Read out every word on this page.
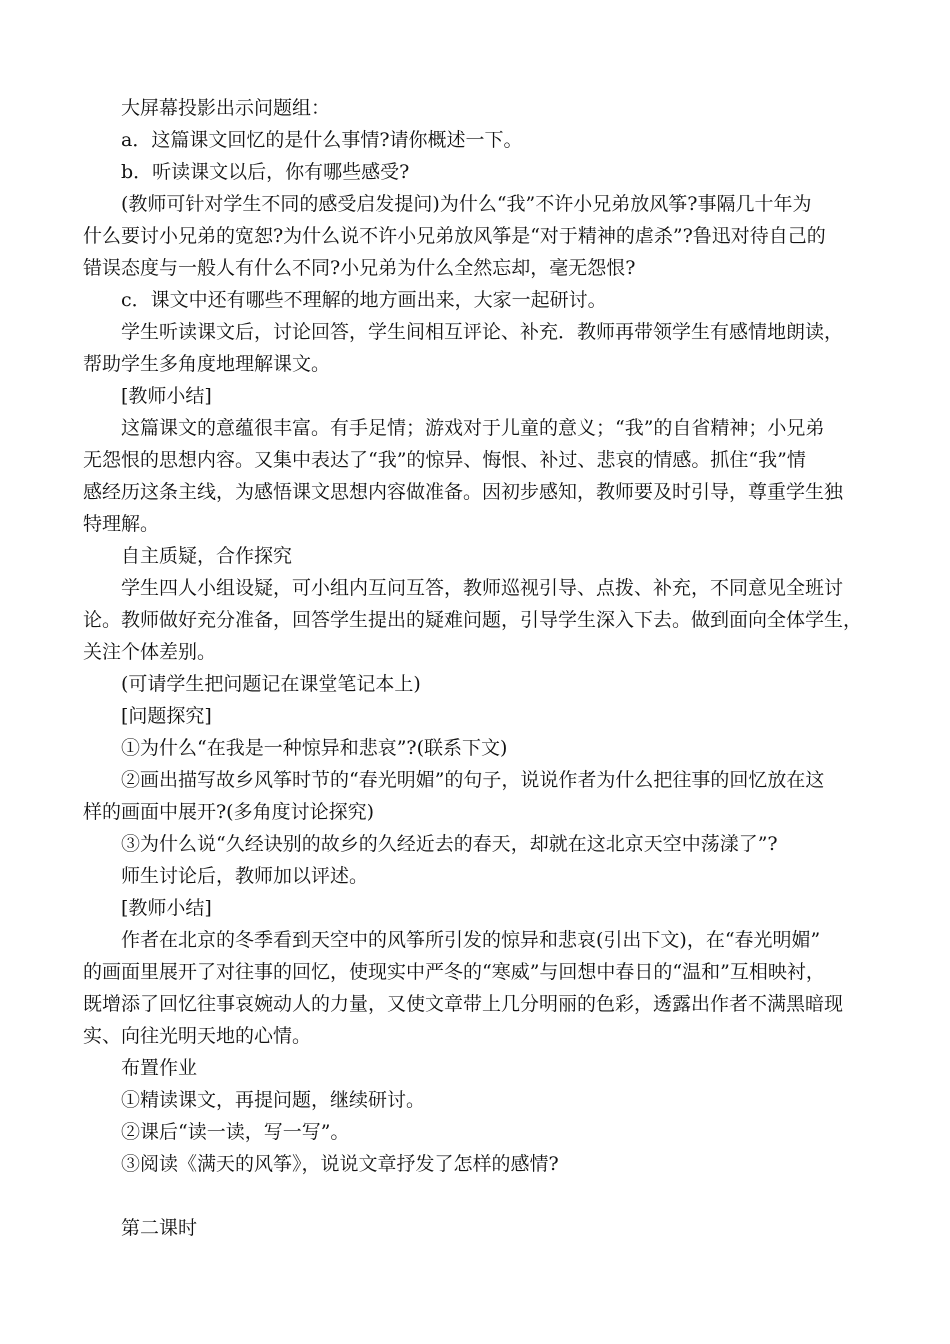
大屏幕投影出示问题组：

a．这篇课文回忆的是什么事情?请你概述一下。

b．听读课文以后，你有哪些感受?

(教师可针对学生不同的感受启发提问)为什么“我”不许小兄弟放风筝?事隔几十年为

什么要讨小兄弟的宽恕?为什么说不许小兄弟放风筝是“对于精神的虐杀”?鲁迅对待自己的

错误态度与一般人有什么不同?小兄弟为什么全然忘却，毫无怨恨?

c．课文中还有哪些不理解的地方画出来，大家一起研讨。

学生听读课文后，讨论回答，学生间相互评论、补充．教师再带领学生有感情地朗读，

帮助学生多角度地理解课文。

[教师小结]

这篇课文的意蕴很丰富。有手足情；游戏对于儿童的意义；“我”的自省精神；小兄弟

无怨恨的思想内容。又集中表达了“我”的惊异、悔恨、补过、悲哀的情感。抓住“我”情

感经历这条主线，为感悟课文思想内容做准备。因初步感知，教师要及时引导，尊重学生独

特理解。

自主质疑，合作探究

学生四人小组设疑，可小组内互问互答，教师巡视引导、点拨、补充，不同意见全班讨

论。教师做好充分准备，回答学生提出的疑难问题，引导学生深入下去。做到面向全体学生，

关注个体差别。

(可请学生把问题记在课堂笔记本上)

[问题探究]

①为什么“在我是一种惊异和悲哀”?(联系下文)

②画出描写故乡风筝时节的“春光明媚”的句子，说说作者为什么把往事的回忆放在这

样的画面中展开?(多角度讨论探究)

③为什么说“久经诀别的故乡的久经近去的春天，却就在这北京天空中荡漾了”?

师生讨论后，教师加以评述。

[教师小结]

作者在北京的冬季看到天空中的风筝所引发的惊异和悲哀(引出下文)，在“春光明媚”

的画面里展开了对往事的回忆，使现实中严冬的“寒威”与回想中春日的“温和”互相映衬，

既增添了回忆往事哀婉动人的力量，又使文章带上几分明丽的色彩，透露出作者不满黑暗现

实、向往光明天地的心情。

布置作业

①精读课文，再提问题，继续研讨。

②课后“读一读，写一写”。

③阅读《满天的风筝》，说说文章抒发了怎样的感情?

第二课时
